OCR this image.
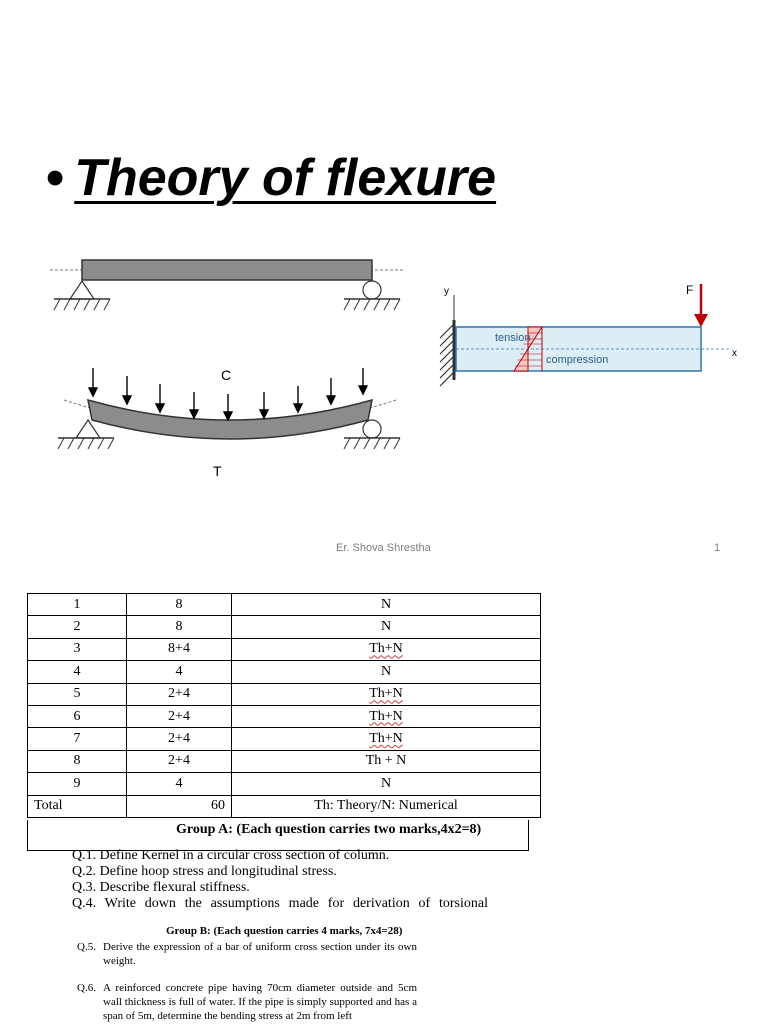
• Theory of flexure
C
T
y	F
x
tension
compression
Er. Shova Shrestha	1
1	8	N
2	8	N
3	8+4	Th+N
4	4	N
5	2+4	Th+N
6	2+4	Th+N
7	2+4	Th+N
8	2+4	Th + N
9	4	N
Total	60	Th: Theory/N: Numerical
Group A: (Each question carries two marks,4x2=8)
Q.1. Define Kernel in a circular cross section of column.
Q.2. Define hoop stress and longitudinal stress.
Q.3. Describe flexural stiffness.
Q.4. Write down the assumptions made for derivation of torsional
Group B: (Each question carries 4 marks, 7x4=28)
Q.5. Derive the expression of a bar of uniform cross section under its own weight.
Q.6. A reinforced concrete pipe having 70cm diameter outside and 5cm wall thickness is full of water. If the pipe is simply supported and has a span of 5m, determine the bending stress at 2m from left
